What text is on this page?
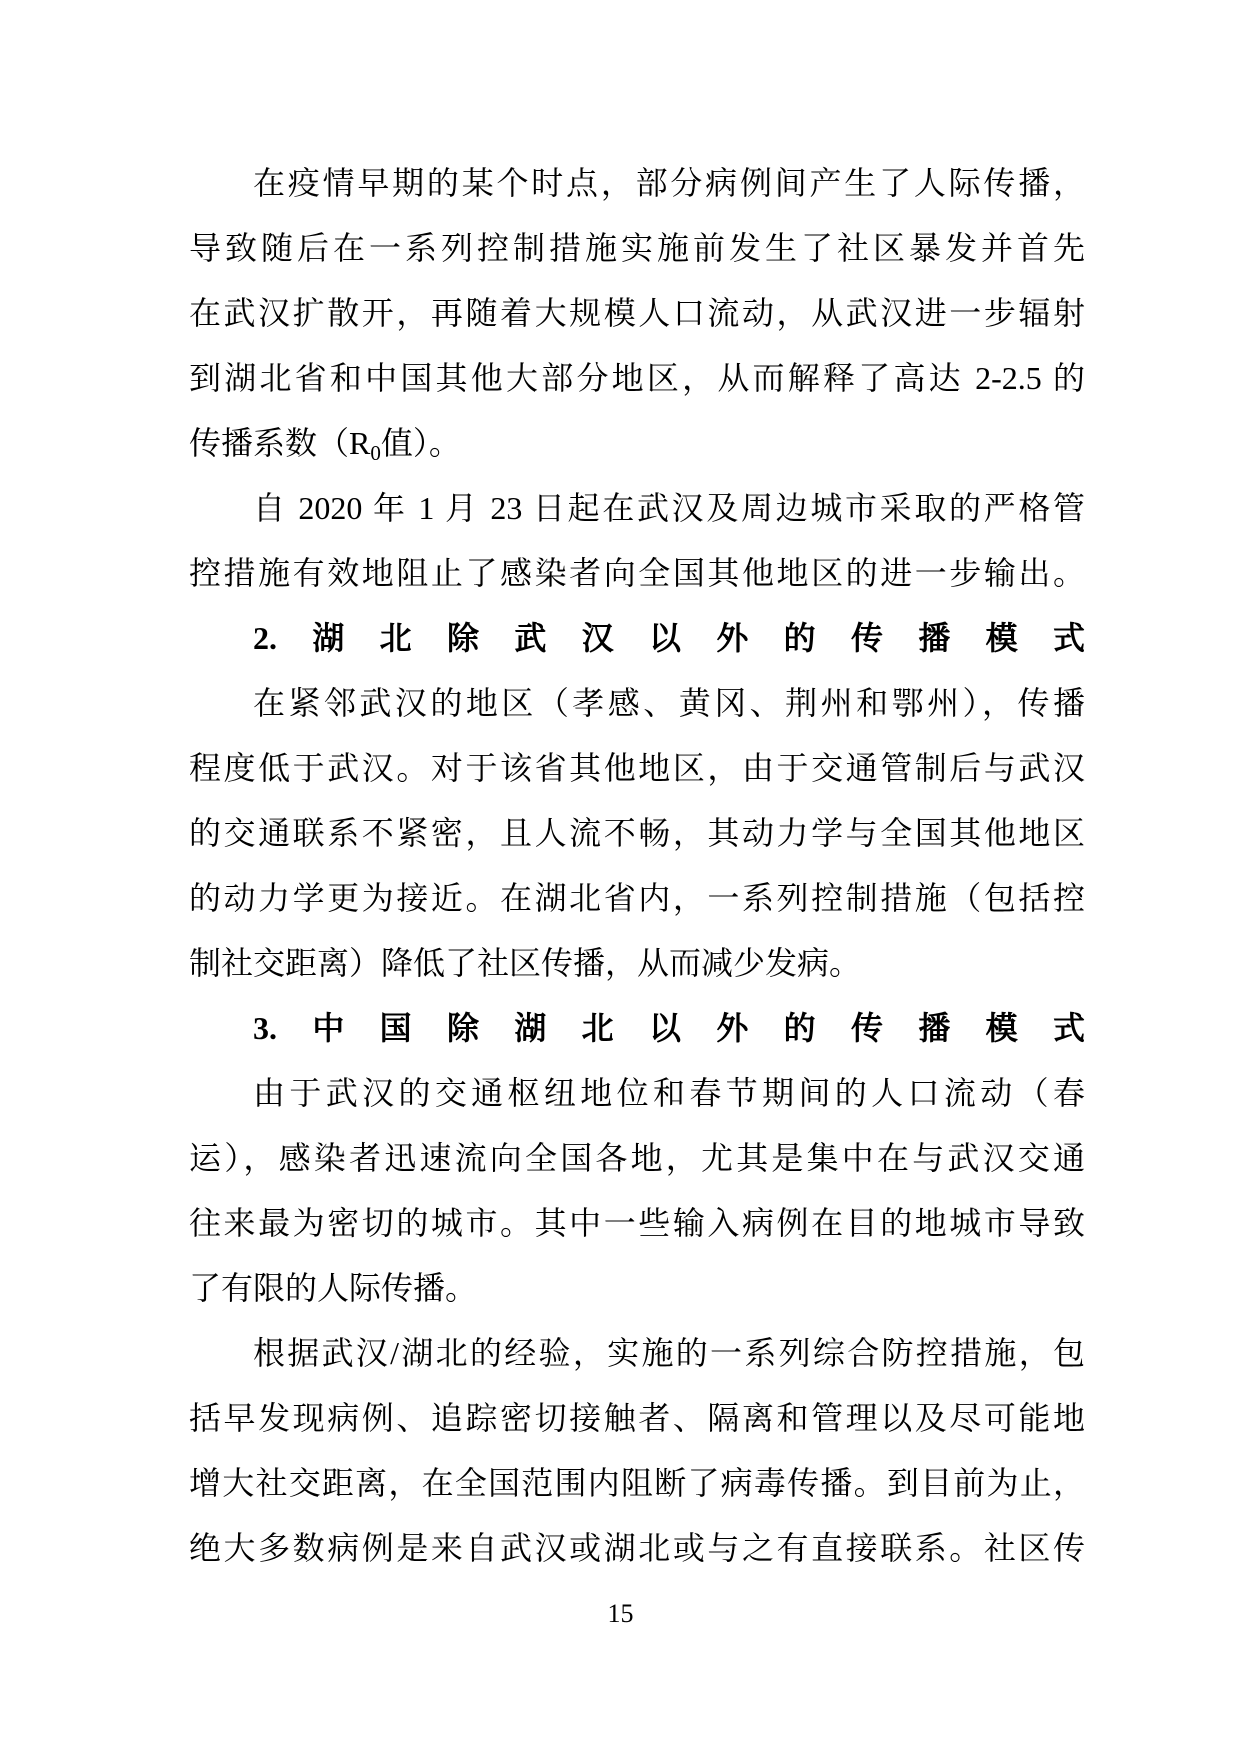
在疫情早期的某个时点，部分病例间产生了人际传播，
导致随后在一系列控制措施实施前发生了社区暴发并首先
在武汉扩散开，再随着大规模人口流动，从武汉进一步辐射
到湖北省和中国其他大部分地区，从而解释了高达 2-2.5 的
传播系数（$R_0$值）。
自 2020 年 1 月 23 日起在武汉及周边城市采取的严格管
控措施有效地阻止了感染者向全国其他地区的进一步输出。
2.湖北除武汉以外的传播模式
在紧邻武汉的地区（孝感、黄冈、荆州和鄂州），传播
程度低于武汉。对于该省其他地区，由于交通管制后与武汉
的交通联系不紧密，且人流不畅，其动力学与全国其他地区
的动力学更为接近。在湖北省内，一系列控制措施（包括控
制社交距离）降低了社区传播，从而减少发病。
3.中国除湖北以外的传播模式
由于武汉的交通枢纽地位和春节期间的人口流动（春
运），感染者迅速流向全国各地，尤其是集中在与武汉交通
往来最为密切的城市。其中一些输入病例在目的地城市导致
了有限的人际传播。
根据武汉/湖北的经验，实施的一系列综合防控措施，包
括早发现病例、追踪密切接触者、隔离和管理以及尽可能地
增大社交距离，在全国范围内阻断了病毒传播。到目前为止，
绝大多数病例是来自武汉或湖北或与之有直接联系。社区传
15
